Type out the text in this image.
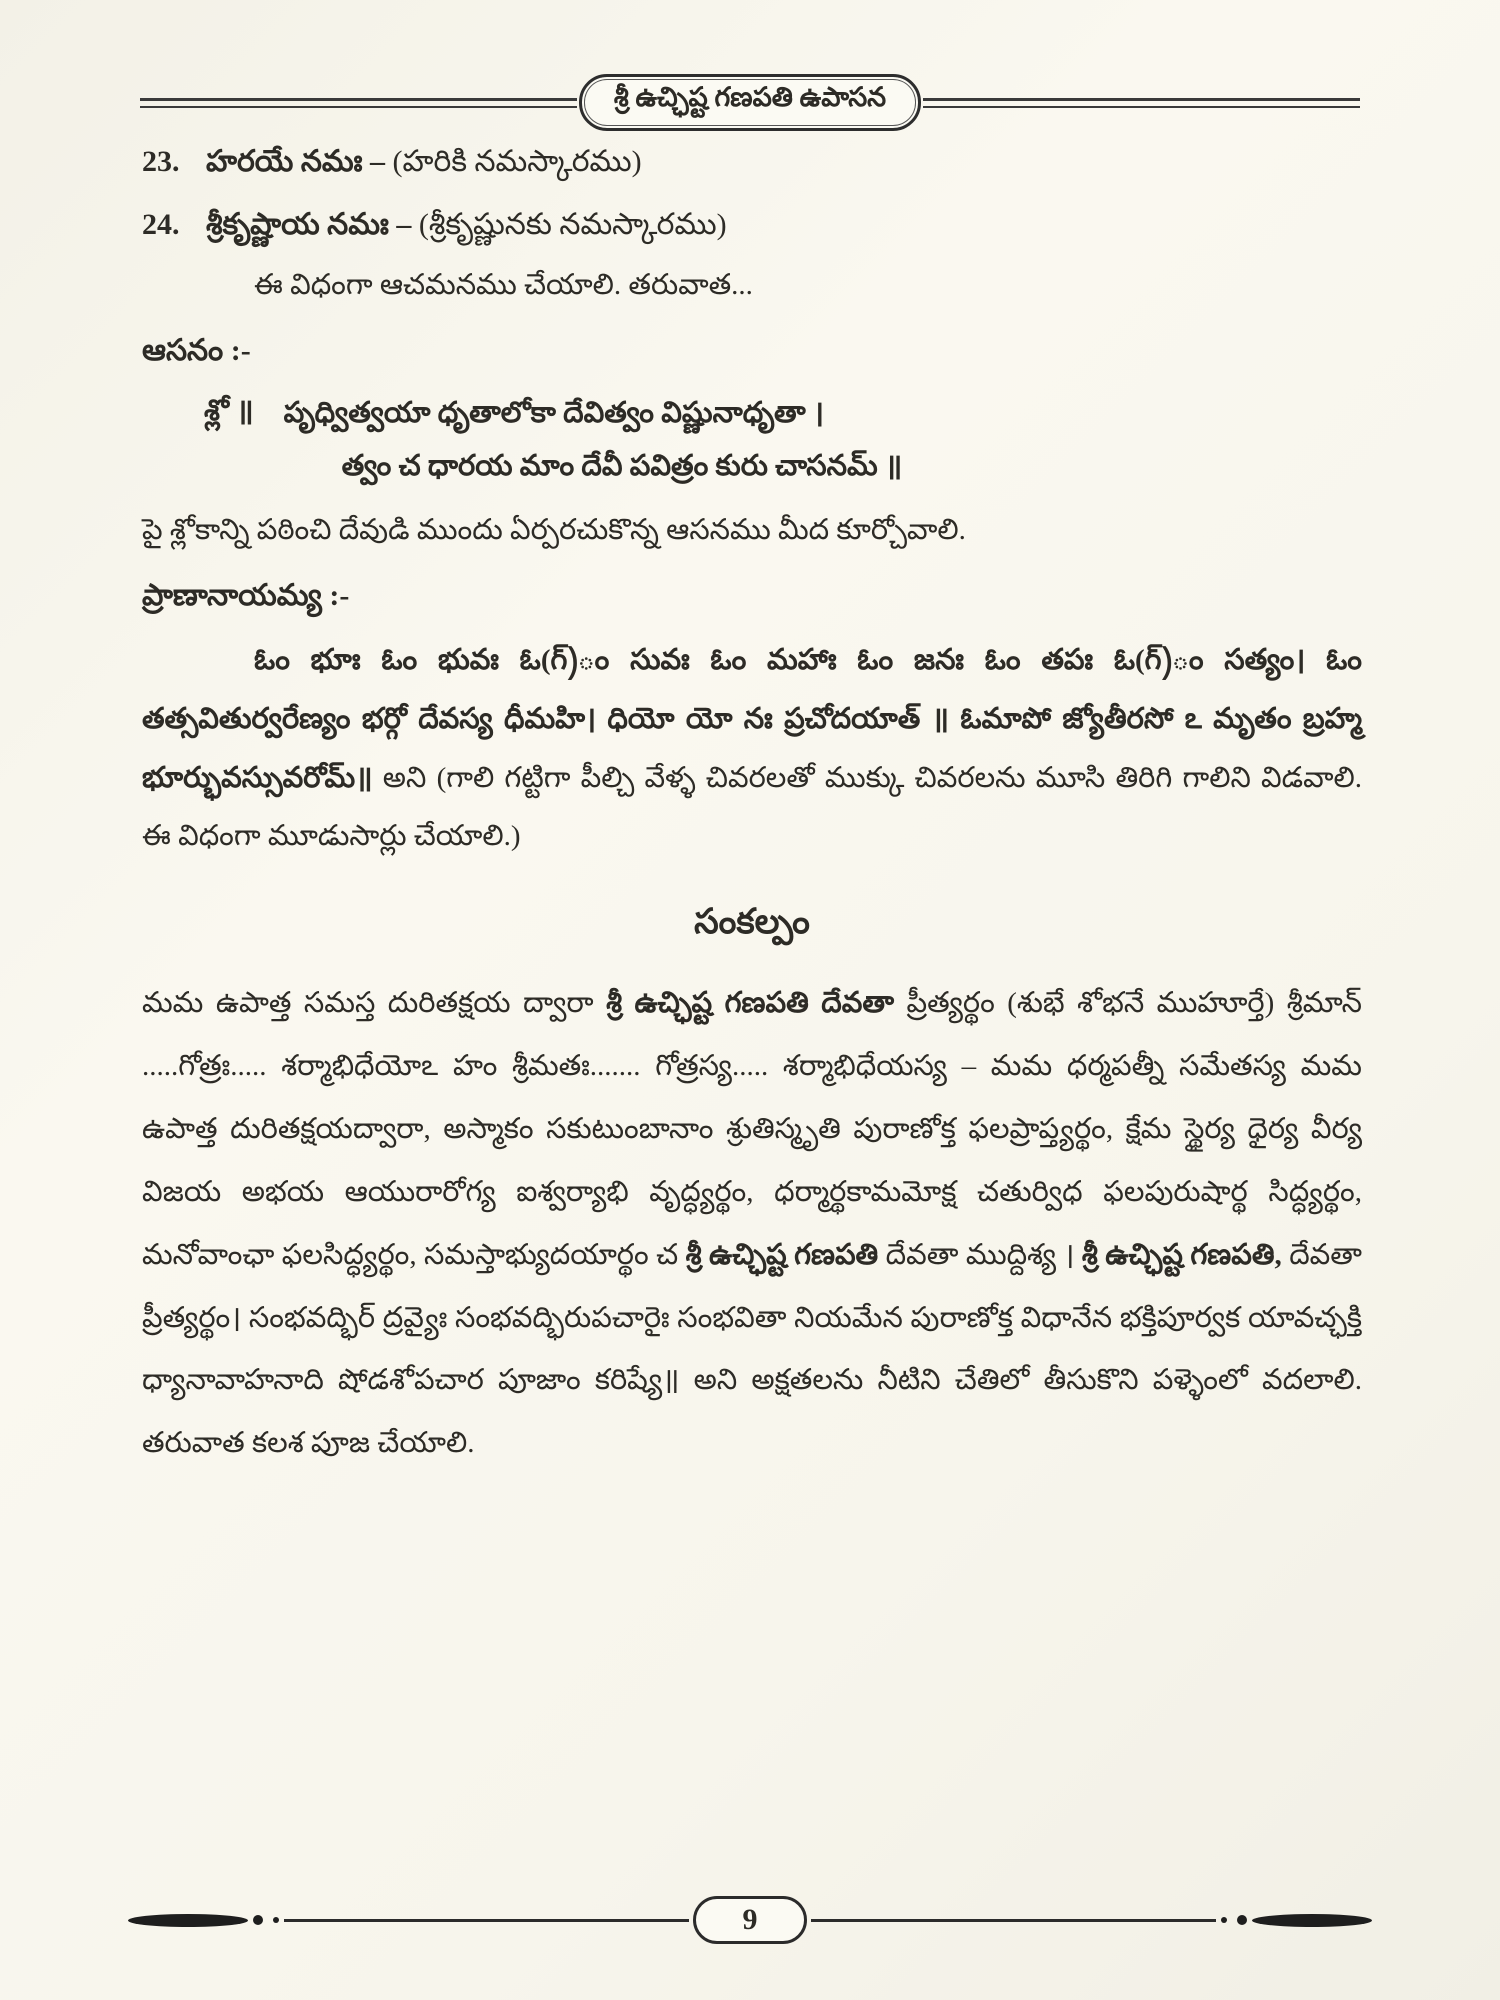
శ్రీ ఉచ్ఛిష్ట గణపతి ఉపాసన
23. హరయే నమః – (హరికి నమస్కారము)
24. శ్రీకృష్ణాయ నమః – (శ్రీకృష్ణునకు నమస్కారము)

ఈ విధంగా ఆచమనము చేయాలి. తరువాత...

ఆసనం :-
శ్లో ॥ పృధ్విత్వయా ధృతాలోకా దేవిత్వం విష్ణునాధృతా ।
త్వం చ ధారయ మాం దేవీ పవిత్రం కురు చాసనమ్ ॥

పై శ్లోకాన్ని పఠించి దేవుడి ముందు ఏర్పరచుకొన్న ఆసనము మీద కూర్చోవాలి.

ప్రాణానాయమ్య :-

ఓం భూః ఓం భువః ఓ(గ్)ం సువః ఓం మహాః ఓం జనః ఓం తపః ఓ(గ్)ం సత్యం। ఓం తత్సవితుర్వరేణ్యం భర్గో దేవస్య ధీమహి। ధియో యో నః ప్రచోదయాత్ ॥ ఓమాపో జ్యోతీరసో ఽ మృతం బ్రహ్మ భూర్భువస్సువరోమ్॥ అని (గాలి గట్టిగా పీల్చి వేళ్ళ చివరలతో ముక్కు చివరలను మూసి తిరిగి గాలిని విడవాలి. ఈ విధంగా మూడుసార్లు చేయాలి.)

సంకల్పం

మమ ఉపాత్త సమస్త దురితక్షయ ద్వారా శ్రీ ఉచ్ఛిష్ట గణపతి దేవతా ప్రీత్యర్థం (శుభే శోభనే ముహూర్తే) శ్రీమాన్ .....గోత్రః..... శర్మాభిధేయోఽ హం శ్రీమతః....... గోత్రస్య..... శర్మాభిధేయస్య – మమ ధర్మపత్నీ సమేతస్య మమ ఉపాత్త దురితక్షయద్వారా, అస్మాకం సకుటుంబానాం శ్రుతిస్మృతి పురాణోక్త ఫలప్రాప్త్యర్థం, క్షేమ స్థైర్య ధైర్య వీర్య విజయ అభయ ఆయురారోగ్య ఐశ్వర్యాభి వృద్ధ్యర్థం, ధర్మార్థకామమోక్ష చతుర్విధ ఫలపురుషార్థ సిద్ధ్యర్థం, మనోవాంఛా ఫలసిద్ధ్యర్థం, సమస్తాభ్యుదయార్థం చ శ్రీ ఉచ్ఛిష్ట గణపతి దేవతా ముద్దిశ్య । శ్రీ ఉచ్ఛిష్ట గణపతి, దేవతా ప్రీత్యర్థం। సంభవద్భిర్ ద్రవ్యైః సంభవద్భిరుపచారైః సంభవితా నియమేన పురాణోక్త విధానేన భక్తిపూర్వక యావచ్ఛక్తి ధ్యానావాహనాది షోడశోపచార పూజాం కరిష్యే॥ అని అక్షతలను నీటిని చేతిలో తీసుకొని పళ్ళెంలో వదలాలి. తరువాత కలశ పూజ చేయాలి.

9
